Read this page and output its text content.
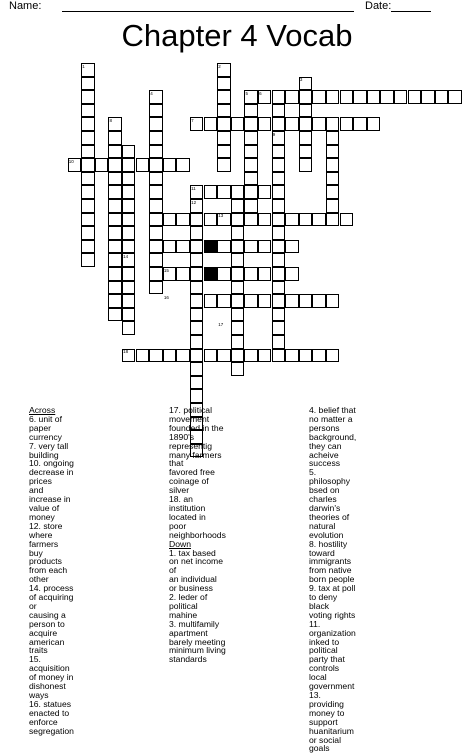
Name:	Date:
Chapter 4 Vocab
1	2
3
4	5 6
7
8
9
10
11
12
13
14
15
16
17
18
Across
6. unit of paper currency
7. very tall building
10. ongoing decrease in prices
and increase in value of money
12. store where farmers buy
products from each other
14. process of acquiring or
causing a person to acquire
american traits
15. acquisition of money in
dishonest ways
16. statues enacted to enforce
segregation
17. political movement
founded in the 1890's
representig many farmers that
favored free coinage of silver
18. an institution located in
poor neighborhoods
Down
1. tax based on net income of
an individual or business
2. leder of political mahine
3. multifamily apartment
barely meeting minimum living
standards
4. belief that no matter a
persons background, they can
acheive success
5. philosophy bsed on charles
darwin's theories of natural
evolution
8. hostility toward immigrants
from native born people
9. tax at poll to deny black
voting rights
11. organization inked to
political party that controls
local government
13. providing money to support
huanitarium or social goals
